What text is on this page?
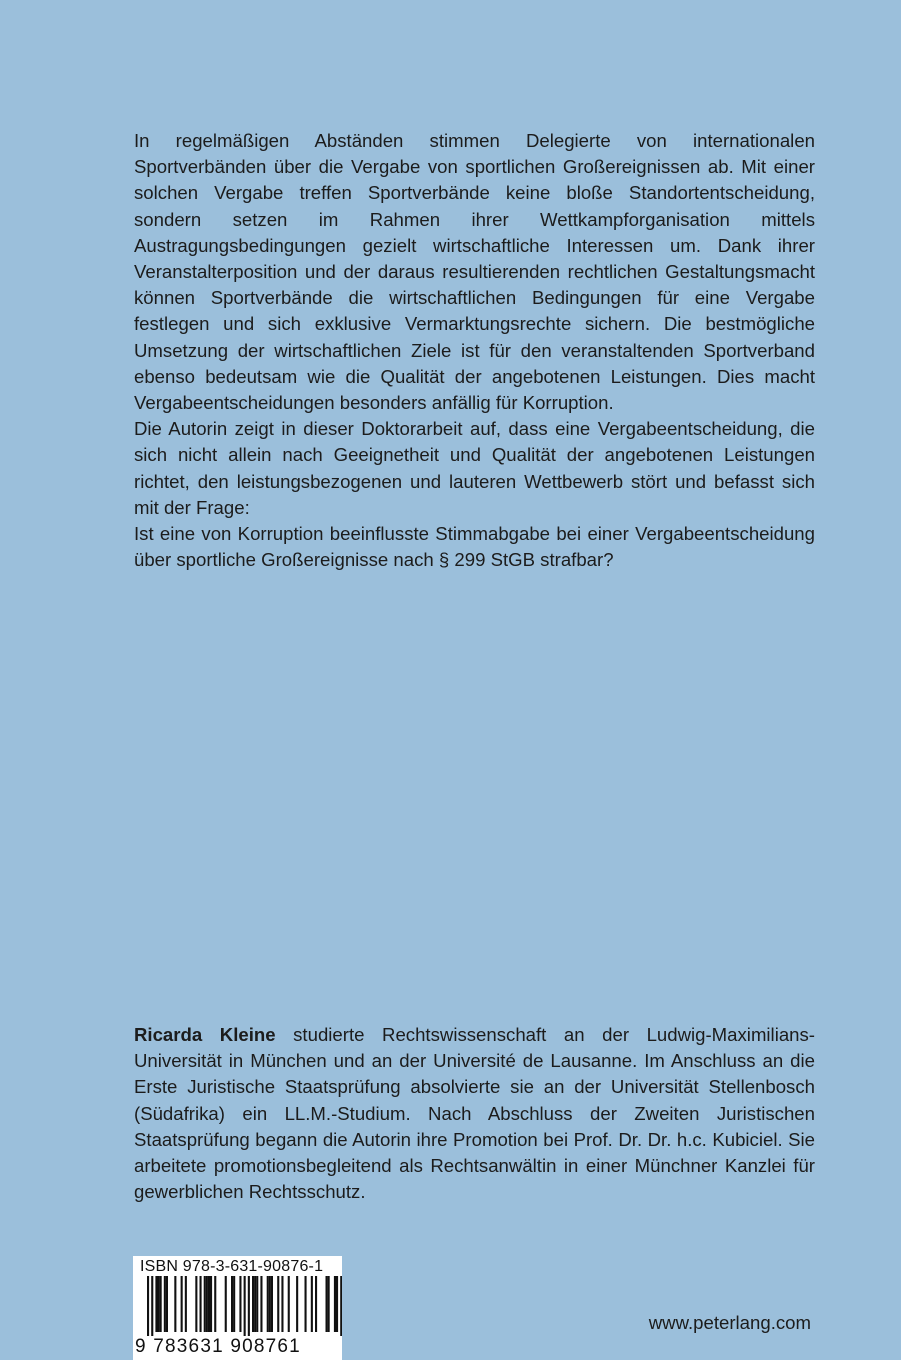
In regelmäßigen Abständen stimmen Delegierte von internationalen Sportverbänden über die Vergabe von sportlichen Großereignissen ab. Mit einer solchen Vergabe treffen Sportverbände keine bloße Standortentscheidung, sondern setzen im Rahmen ihrer Wettkampforganisation mittels Austragungsbedingungen gezielt wirtschaftliche Interessen um. Dank ihrer Veranstalterposition und der daraus resultierenden rechtlichen Gestaltungsmacht können Sportverbände die wirtschaftlichen Bedingungen für eine Vergabe festlegen und sich exklusive Vermarktungsrechte sichern. Die bestmögliche Umsetzung der wirtschaftlichen Ziele ist für den veranstaltenden Sportverband ebenso bedeutsam wie die Qualität der angebotenen Leistungen. Dies macht Vergabeentscheidungen besonders anfällig für Korruption.

Die Autorin zeigt in dieser Doktorarbeit auf, dass eine Vergabeentscheidung, die sich nicht allein nach Geeignetheit und Qualität der angebotenen Leistungen richtet, den leistungsbezogenen und lauteren Wettbewerb stört und befasst sich mit der Frage:

Ist eine von Korruption beeinflusste Stimmabgabe bei einer Vergabeentscheidung über sportliche Großereignisse nach § 299 StGB strafbar?

Ricarda Kleine studierte Rechtswissenschaft an der Ludwig-Maximilians-Universität in München und an der Université de Lausanne. Im Anschluss an die Erste Juristische Staatsprüfung absolvierte sie an der Universität Stellenbosch (Südafrika) ein LL.M.-Studium. Nach Abschluss der Zweiten Juristischen Staatsprüfung begann die Autorin ihre Promotion bei Prof. Dr. Dr. h.c. Kubiciel. Sie arbeitete promotionsbegleitend als Rechtsanwältin in einer Münchner Kanzlei für gewerblichen Rechtsschutz.

ISBN 978-3-631-90876-1
9 783631 908761
www.peterlang.com
